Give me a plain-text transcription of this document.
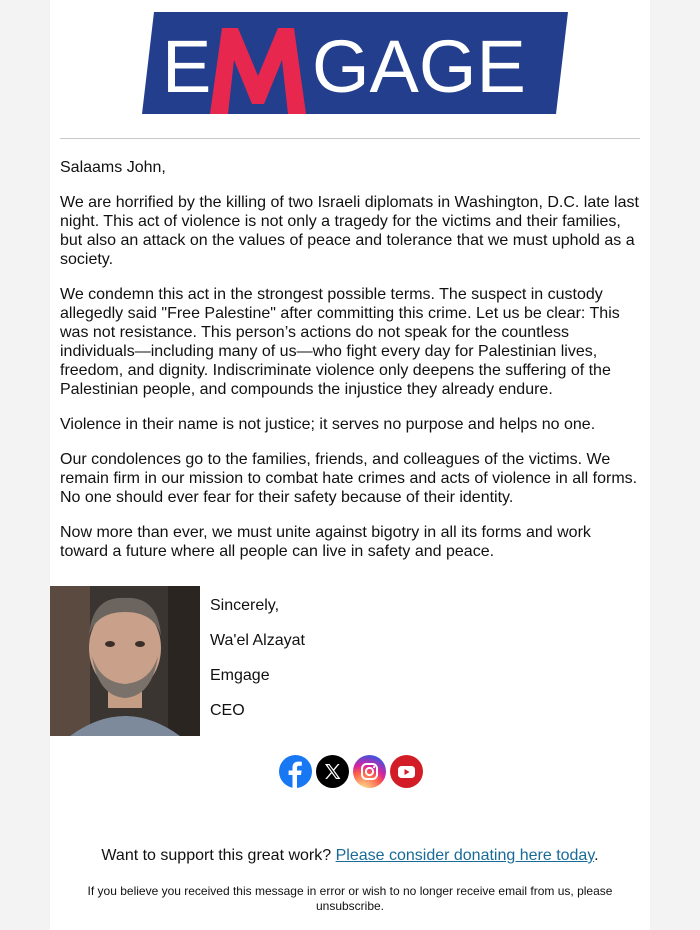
E GAGE

Salaams John,

We are horrified by the killing of two Israeli diplomats in Washington, D.C. late last night. This act of violence is not only a tragedy for the victims and their families, but also an attack on the values of peace and tolerance that we must uphold as a society.

We condemn this act in the strongest possible terms. The suspect in custody allegedly said "Free Palestine" after committing this crime. Let us be clear: This was not resistance. This person’s actions do not speak for the countless individuals—including many of us—who fight every day for Palestinian lives, freedom, and dignity. Indiscriminate violence only deepens the suffering of the Palestinian people, and compounds the injustice they already endure.

Violence in their name is not justice; it serves no purpose and helps no one.

Our condolences go to the families, friends, and colleagues of the victims. We remain firm in our mission to combat hate crimes and acts of violence in all forms. No one should ever fear for their safety because of their identity.

Now more than ever, we must unite against bigotry in all its forms and work toward a future where all people can live in safety and peace.

Sincerely,
Wa'el Alzayat
Emgage
CEO
Want to support this great work? Please consider donating here today.
If you believe you received this message in error or wish to no longer receive email from us, please unsubscribe.
